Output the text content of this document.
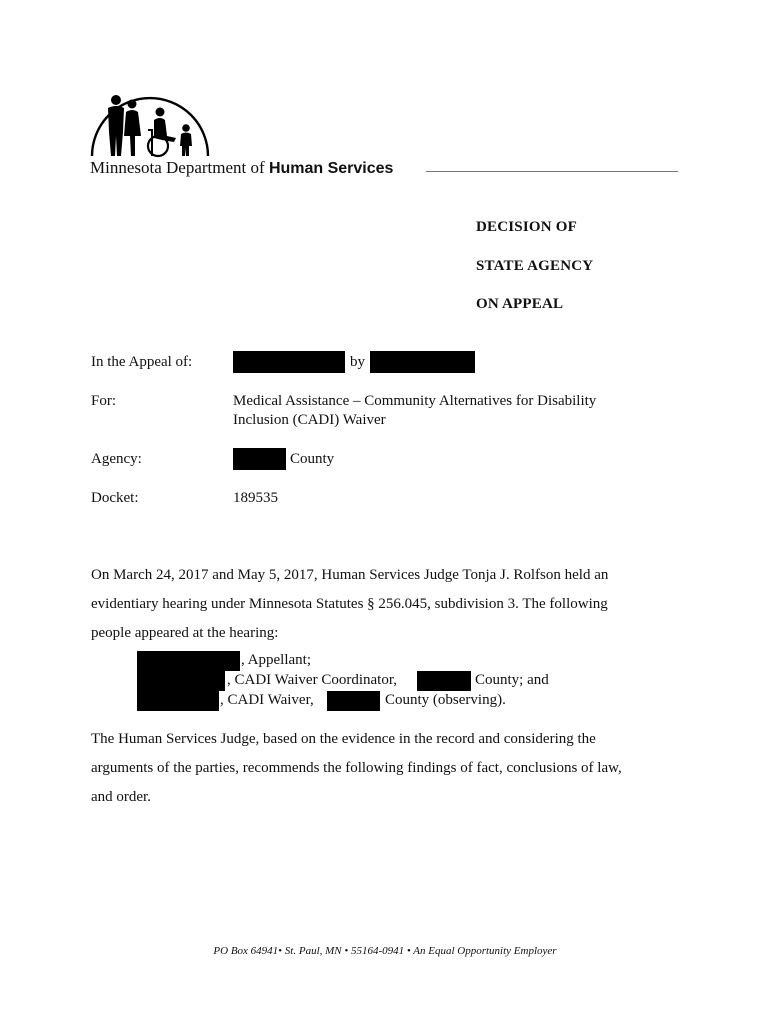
Minnesota Department of Human Services
DECISION OF
STATE AGENCY
ON APPEAL
In the Appeal of:	by
For:	Medical Assistance – Community Alternatives for Disability
Inclusion (CADI) Waiver
Agency:	County
Docket:	189535
On March 24, 2017 and May 5, 2017, Human Services Judge Tonja J. Rolfson held an
evidentiary hearing under Minnesota Statutes § 256.045, subdivision 3. The following
people appeared at the hearing:
, Appellant;
, CADI Waiver Coordinator,	County; and
, CADI Waiver,	County (observing).
The Human Services Judge, based on the evidence in the record and considering the
arguments of the parties, recommends the following findings of fact, conclusions of law,
and order.
PO Box 64941• St. Paul, MN • 55164-0941 • An Equal Opportunity Employer
